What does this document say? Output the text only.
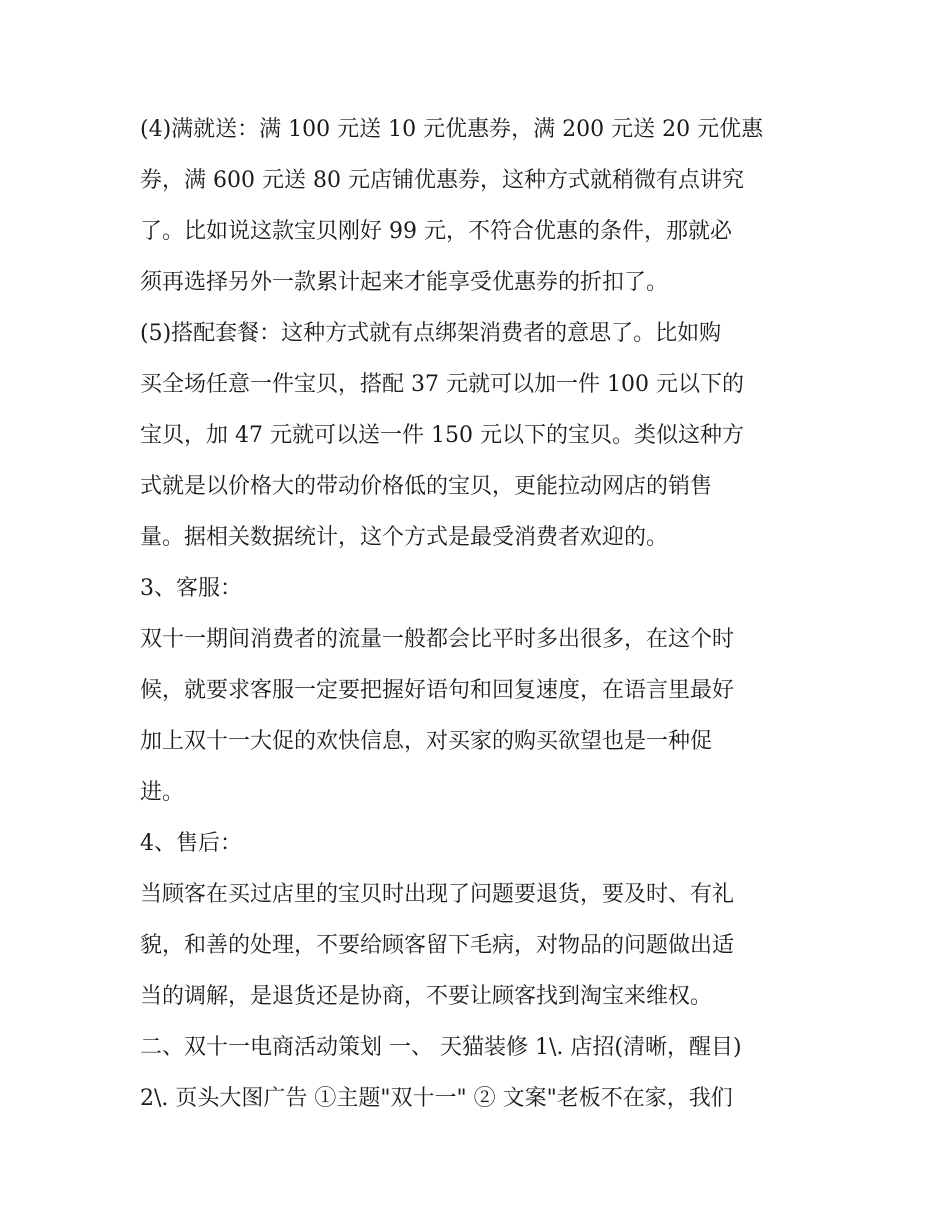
(4)满就送：满 100 元送 10 元优惠券，满 200 元送 20 元优惠
券，满 600 元送 80 元店铺优惠券，这种方式就稍微有点讲究
了。比如说这款宝贝刚好 99 元，不符合优惠的条件，那就必
须再选择另外一款累计起来才能享受优惠券的折扣了。
(5)搭配套餐：这种方式就有点绑架消费者的意思了。比如购
买全场任意一件宝贝，搭配 37 元就可以加一件 100 元以下的
宝贝，加 47 元就可以送一件 150 元以下的宝贝。类似这种方
式就是以价格大的带动价格低的宝贝，更能拉动网店的销售
量。据相关数据统计，这个方式是最受消费者欢迎的。
3、客服：
双十一期间消费者的流量一般都会比平时多出很多，在这个时
候，就要求客服一定要把握好语句和回复速度，在语言里最好
加上双十一大促的欢快信息，对买家的购买欲望也是一种促
进。
4、售后：
当顾客在买过店里的宝贝时出现了问题要退货，要及时、有礼
貌，和善的处理，不要给顾客留下毛病，对物品的问题做出适
当的调解，是退货还是协商，不要让顾客找到淘宝来维权。
二、双十一电商活动策划 一、 天猫装修 1\. 店招(清晰，醒目)
2\. 页头大图广告 ①主题"双十一" ② 文案"老板不在家，我们
